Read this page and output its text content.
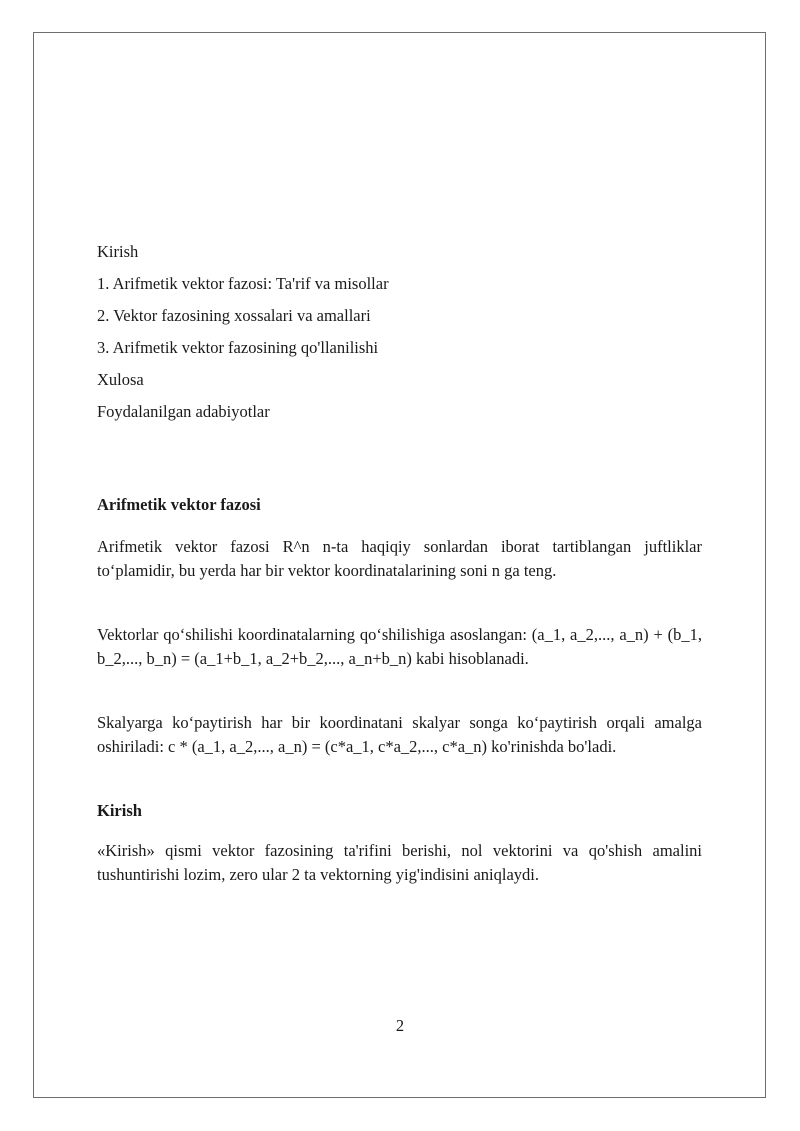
Kirish
1. Arifmetik vektor fazosi: Ta'rif va misollar
2. Vektor fazosining xossalari va amallari
3. Arifmetik vektor fazosining qo'llanilishi
Xulosa
Foydalanilgan adabiyotlar
Arifmetik vektor fazosi

Arifmetik vektor fazosi R^n n-ta haqiqiy sonlardan iborat tartiblangan juftliklar to‘plamidir, bu yerda har bir vektor koordinatalarining soni n ga teng.

Vektorlar qo‘shilishi koordinatalarning qo‘shilishiga asoslangan: (a_1, a_2,..., a_n) + (b_1, b_2,..., b_n) = (a_1+b_1, a_2+b_2,..., a_n+b_n) kabi hisoblanadi.

Skalyarga ko‘paytirish har bir koordinatani skalyar songa ko‘paytirish orqali amalga oshiriladi: c * (a_1, a_2,..., a_n) = (c*a_1, c*a_2,..., c*a_n) ko'rinishda bo'ladi.

Kirish

«Kirish» qismi vektor fazosining ta'rifini berishi, nol vektorini va qo'shish amalini tushuntirishi lozim, zero ular 2 ta vektorning yig'indisini aniqlaydi.

2
